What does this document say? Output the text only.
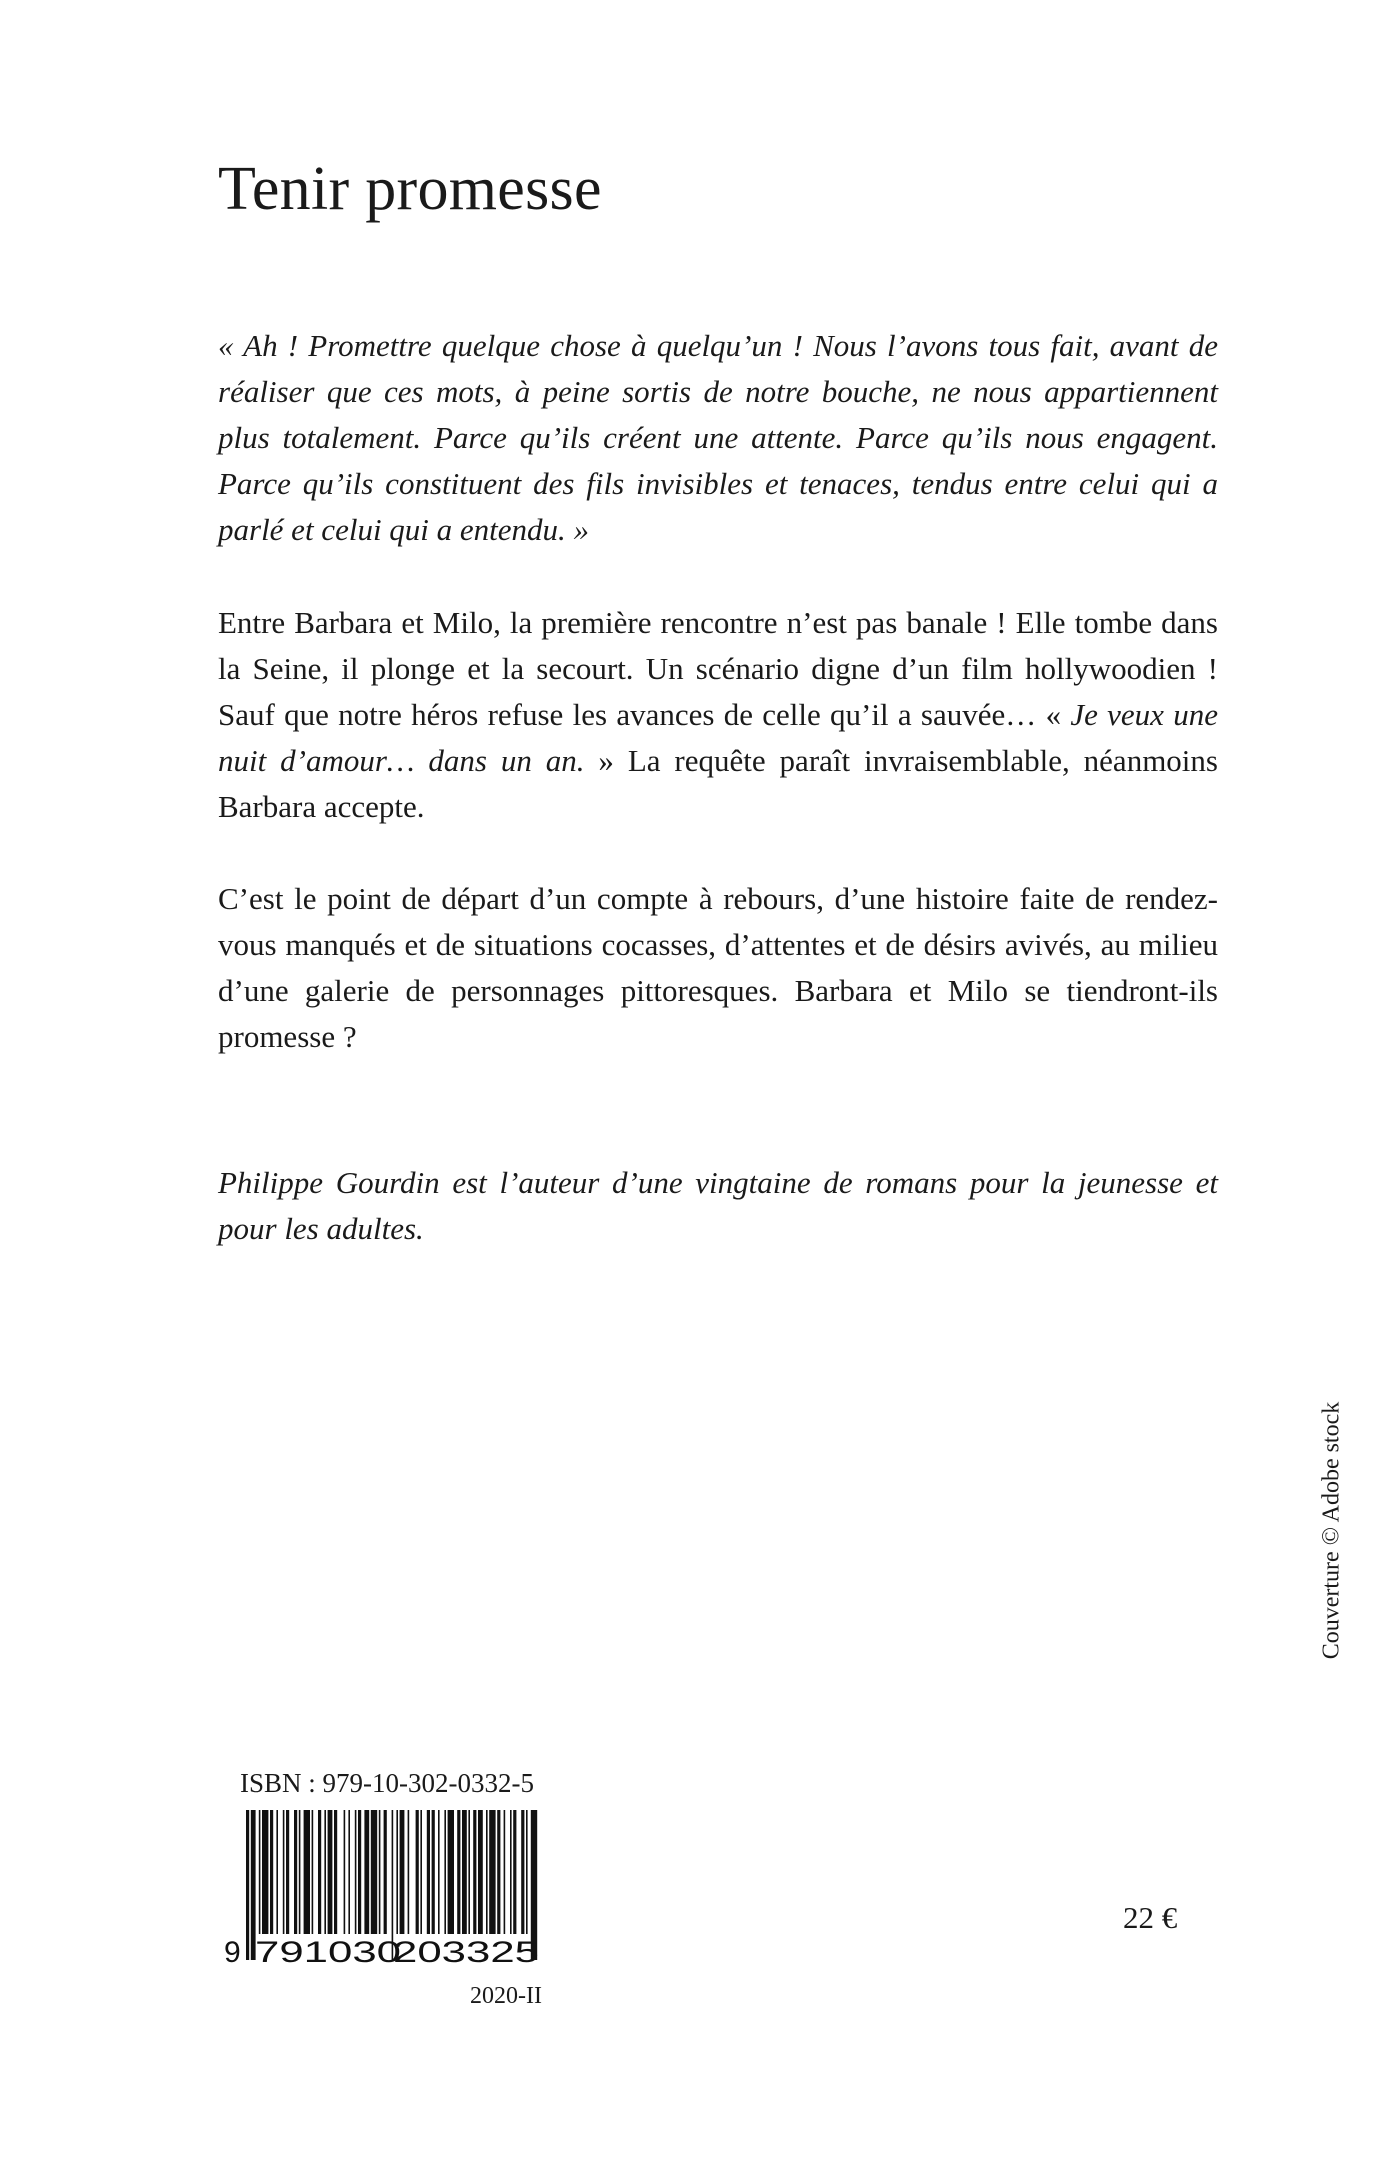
Tenir promesse

« Ah ! Promettre quelque chose à quelqu’un ! Nous l’avons tous fait, avant de réaliser que ces mots, à peine sortis de notre bouche, ne nous appartiennent plus totalement. Parce qu’ils créent une attente. Parce qu’ils nous engagent. Parce qu’ils constituent des fils invisibles et tenaces, tendus entre celui qui a parlé et celui qui a entendu. »

Entre Barbara et Milo, la première rencontre n’est pas banale ! Elle tombe dans la Seine, il plonge et la secourt. Un scénario digne d’un film hollywoodien ! Sauf que notre héros refuse les avances de celle qu’il a sauvée… « Je veux une nuit d’amour… dans un an. » La requête paraît invraisemblable, néanmoins Barbara accepte.

C’est le point de départ d’un compte à rebours, d’une histoire faite de rendez-vous manqués et de situations cocasses, d’attentes et de désirs avivés, au milieu d’une galerie de personnages pittoresques. Barbara et Milo se tiendront-ils promesse ?

Philippe Gourdin est l’auteur d’une vingtaine de romans pour la jeunesse et pour les adultes.

Couverture © Adobe stock
ISBN : 979-10-302-0332-5
9 791030
203325
2020-II
22 €
